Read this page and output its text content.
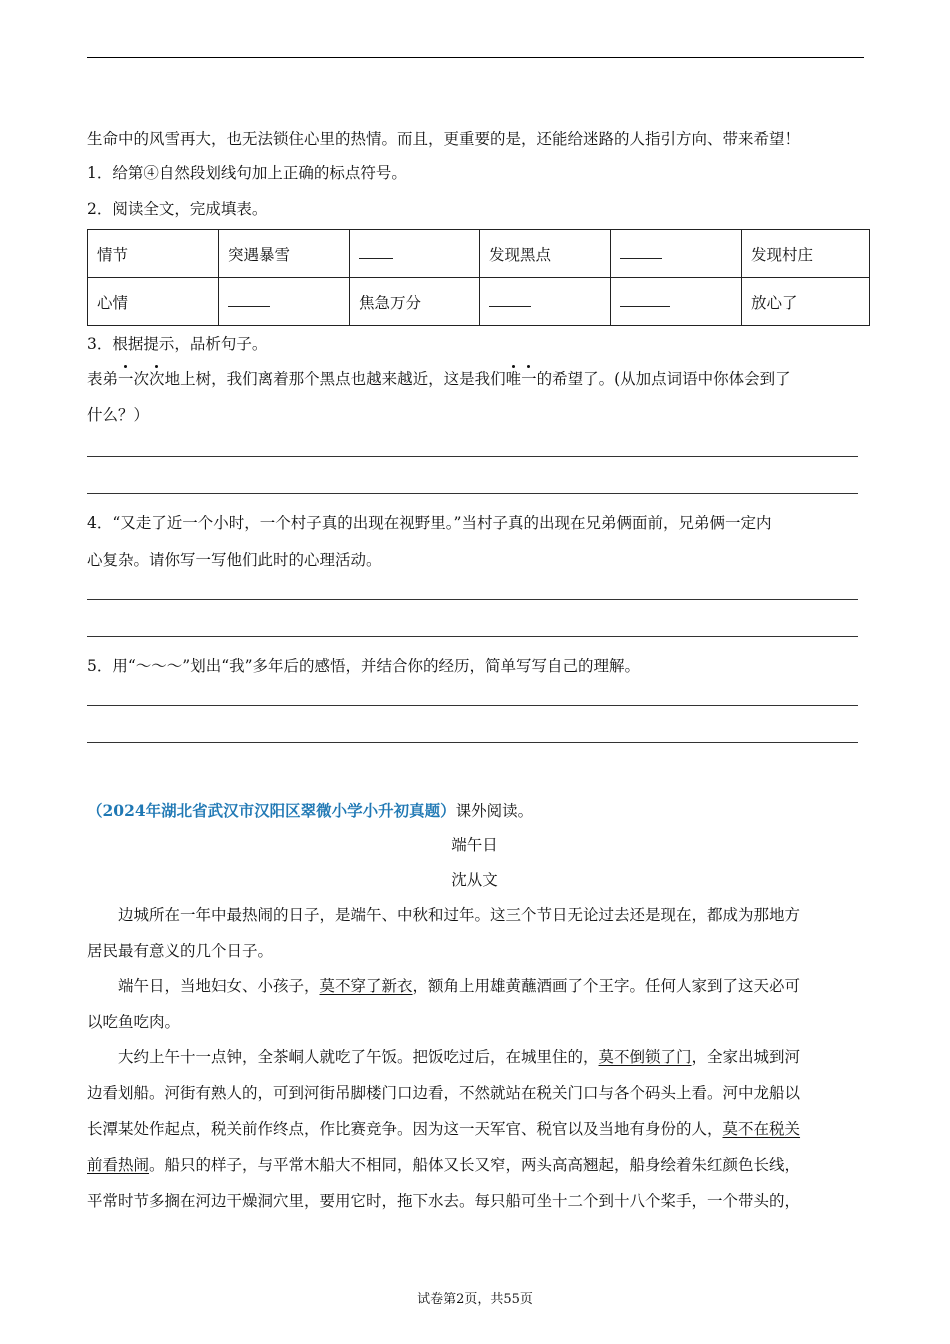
生命中的风雪再大，也无法锁住心里的热情。而且，更重要的是，还能给迷路的人指引方向、带来希望！
1．给第④自然段划线句加上正确的标点符号。
2．阅读全文，完成填表。
情节	突遇暴雪		发现黑点		发现村庄
心情		焦急万分			放心了
3．根据提示，品析句子。
表弟一次次地上树，我们离着那个黑点也越来越近，这是我们唯一的希望了。(从加点词语中你体会到了
什么？）
4．“又走了近一个小时，一个村子真的出现在视野里。”当村子真的出现在兄弟俩面前，兄弟俩一定内
心复杂。请你写一写他们此时的心理活动。
5．用“～～～”划出“我”多年后的感悟，并结合你的经历，简单写写自己的理解。
（2024年湖北省武汉市汉阳区翠微小学小升初真题）课外阅读。
端午日
沈从文
边城所在一年中最热闹的日子，是端午、中秋和过年。这三个节日无论过去还是现在，都成为那地方
居民最有意义的几个日子。
端午日，当地妇女、小孩子，莫不穿了新衣，额角上用雄黄蘸酒画了个王字。任何人家到了这天必可
以吃鱼吃肉。
大约上午十一点钟，全茶峒人就吃了午饭。把饭吃过后，在城里住的，莫不倒锁了门，全家出城到河
边看划船。河街有熟人的，可到河街吊脚楼门口边看，不然就站在税关门口与各个码头上看。河中龙船以
长潭某处作起点，税关前作终点，作比赛竞争。因为这一天军官、税官以及当地有身份的人，莫不在税关
前看热闹。船只的样子，与平常木船大不相同，船体又长又窄，两头高高翘起，船身绘着朱红颜色长线，
平常时节多搁在河边干燥洞穴里，要用它时，拖下水去。每只船可坐十二个到十八个桨手，一个带头的，
试卷第2页，共55页
